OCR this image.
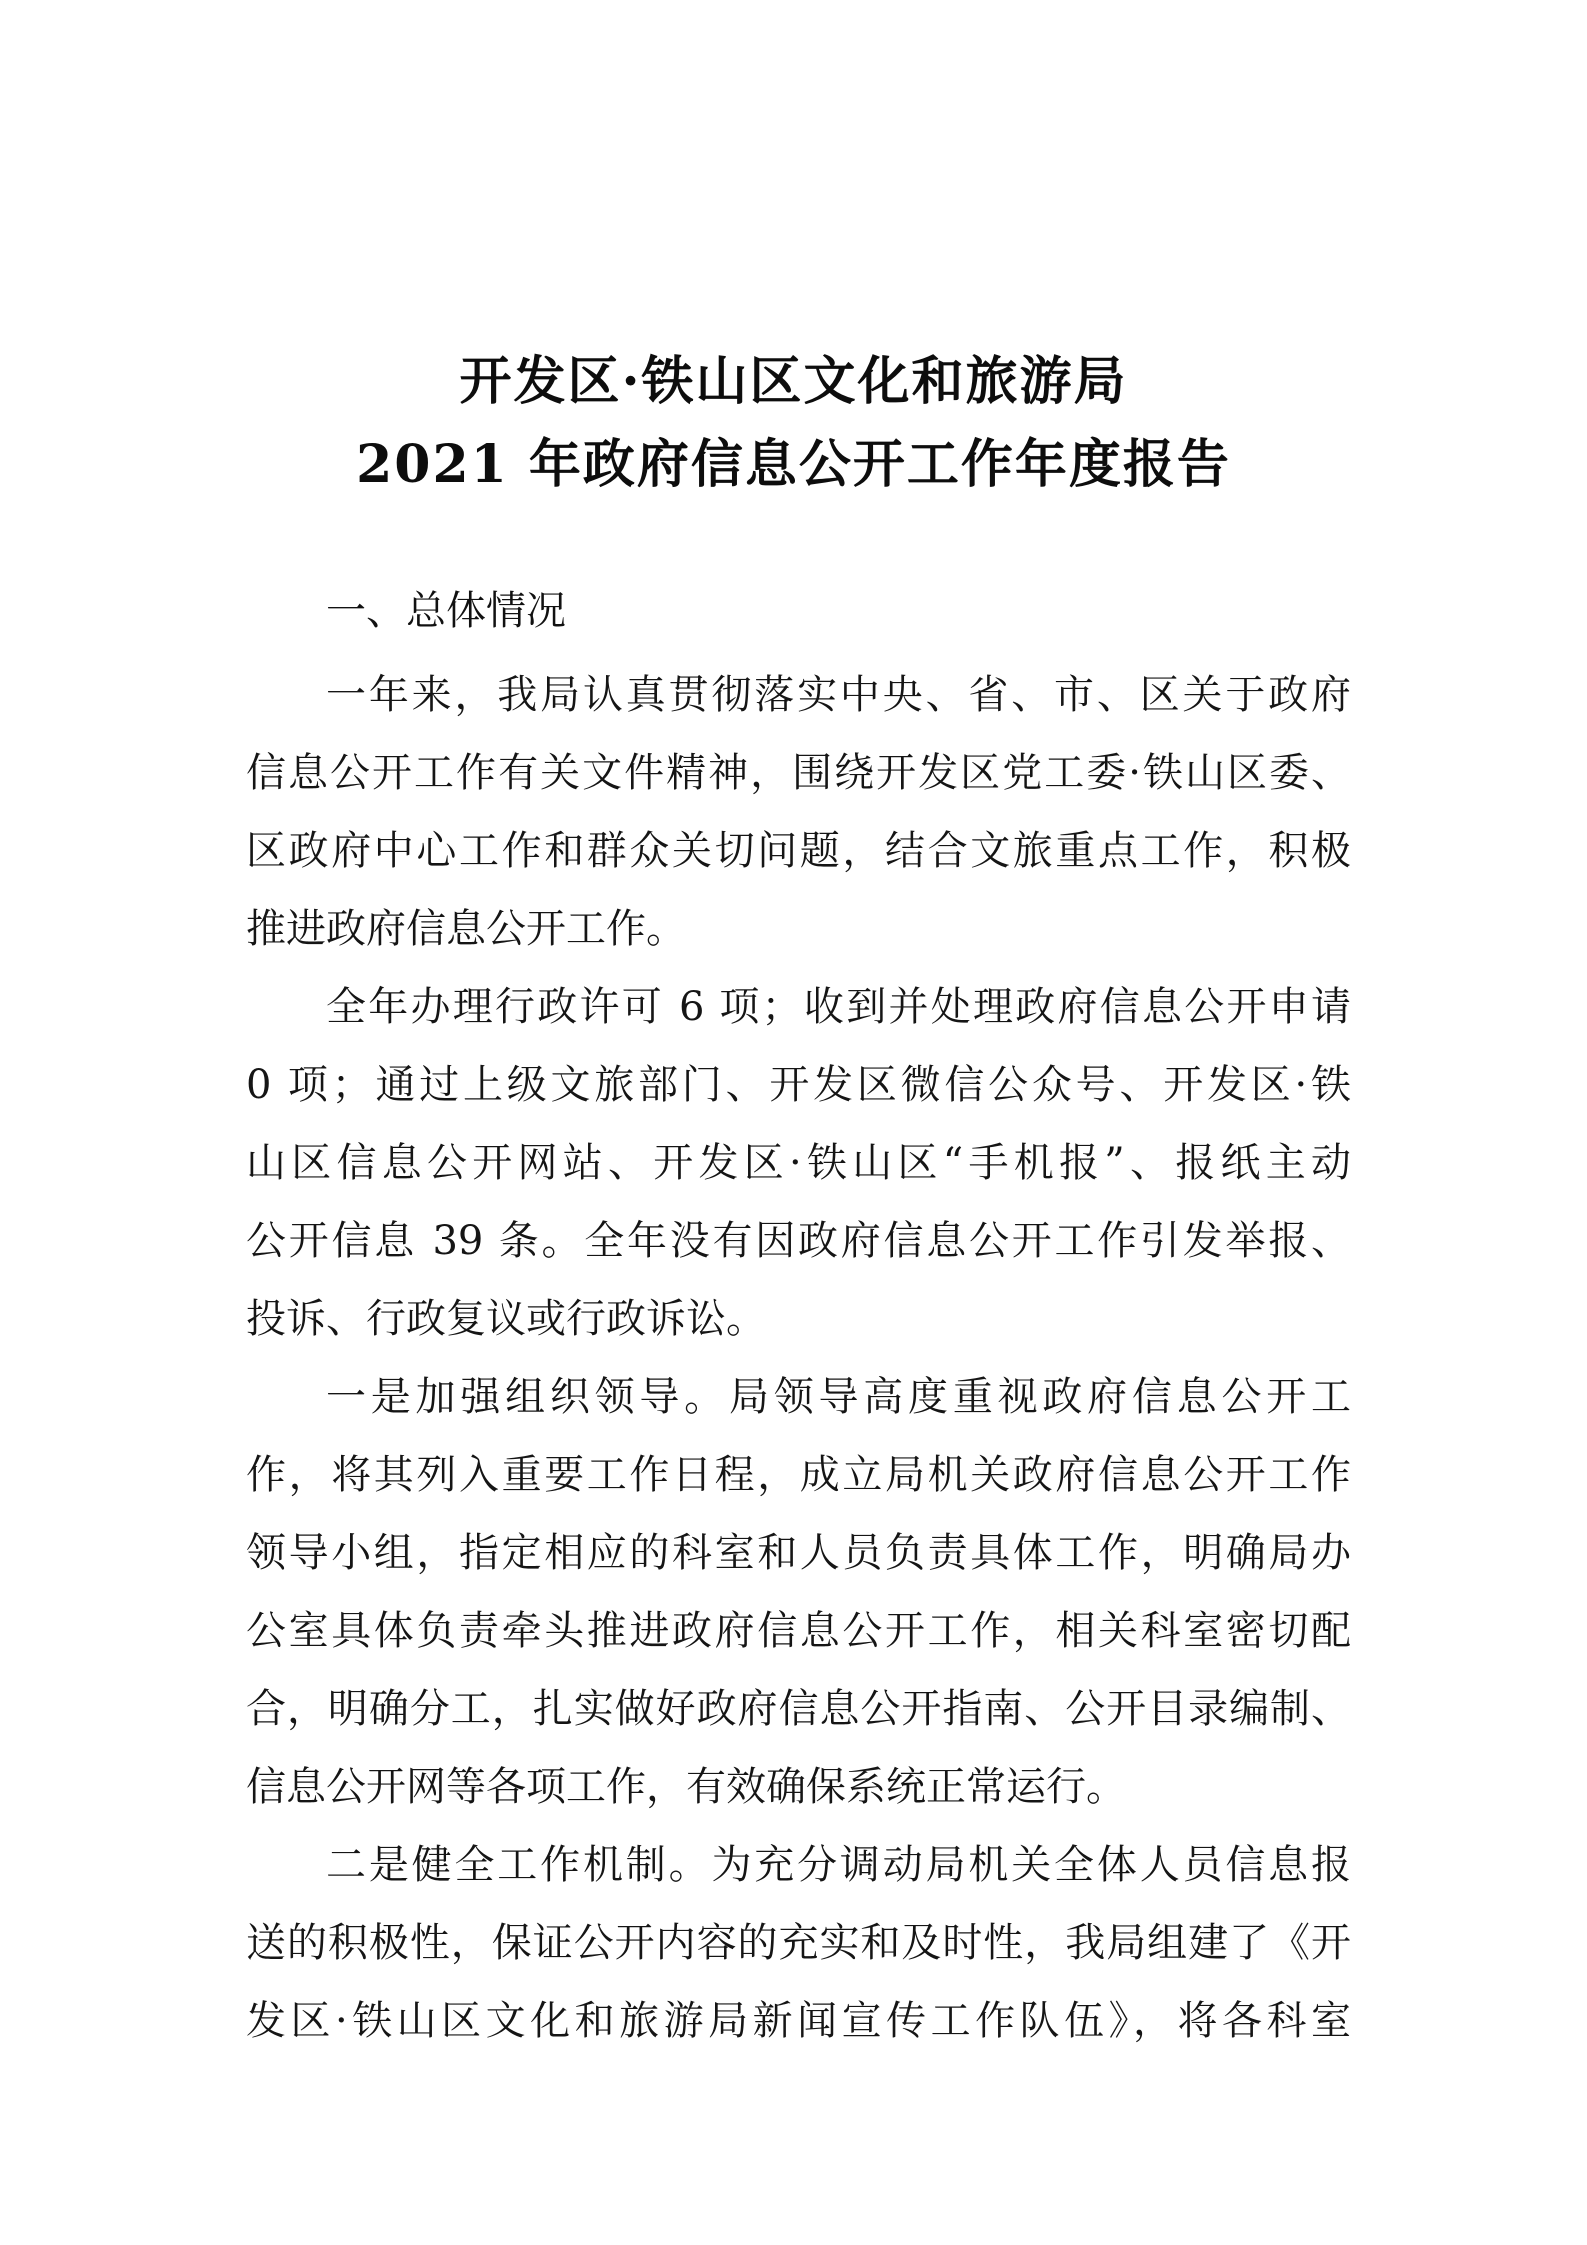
开发区·铁山区文化和旅游局
2021 年政府信息公开工作年度报告
一、总体情况
一年来，我局认真贯彻落实中央、省、市、区关于政府
信息公开工作有关文件精神，围绕开发区党工委·铁山区委、
区政府中心工作和群众关切问题，结合文旅重点工作，积极
推进政府信息公开工作。
全年办理行政许可 6 项；收到并处理政府信息公开申请
0 项；通过上级文旅部门、开发区微信公众号、开发区·铁
山区信息公开网站、开发区·铁山区“手机报”、报纸主动
公开信息 39 条。全年没有因政府信息公开工作引发举报、
投诉、行政复议或行政诉讼。
一是加强组织领导。局领导高度重视政府信息公开工
作，将其列入重要工作日程，成立局机关政府信息公开工作
领导小组，指定相应的科室和人员负责具体工作，明确局办
公室具体负责牵头推进政府信息公开工作，相关科室密切配
合，明确分工，扎实做好政府信息公开指南、公开目录编制、
信息公开网等各项工作，有效确保系统正常运行。
二是健全工作机制。为充分调动局机关全体人员信息报
送的积极性，保证公开内容的充实和及时性，我局组建了《开
发区·铁山区文化和旅游局新闻宣传工作队伍》，将各科室
